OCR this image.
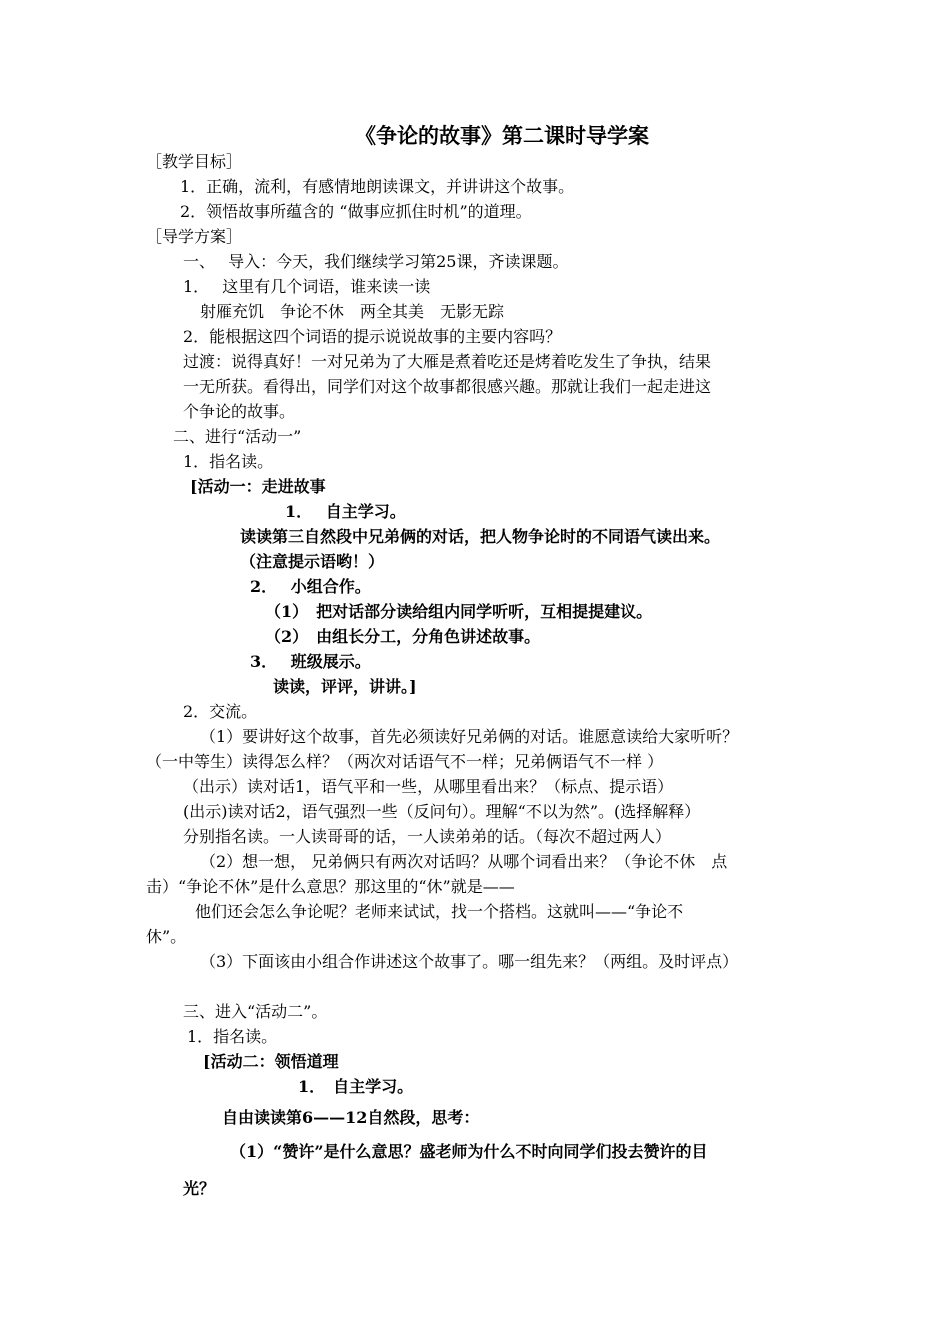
《争论的故事》第二课时导学案
［教学目标］
1．正确，流利，有感情地朗读课文，并讲讲这个故事。
2．领悟故事所蕴含的 “做事应抓住时机”的道理。
［导学方案］
一、　 导入：今天，我们继续学习第25课，齐读课题。
1．　 这里有几个词语，谁来读一读
射雁充饥　争论不休　两全其美　无影无踪
2．能根据这四个词语的提示说说故事的主要内容吗？
过渡：说得真好！一对兄弟为了大雁是煮着吃还是烤着吃发生了争执，结果
一无所获。看得出，同学们对这个故事都很感兴趣。那就让我们一起走进这
个争论的故事。
二、进行“活动一”
1．指名读。
[活动一：走进故事
1．　 自主学习。
读读第三自然段中兄弟俩的对话，把人物争论时的不同语气读出来。
（注意提示语哟！）
2．　 小组合作。
（1）　把对话部分读给组内同学听听，互相提提建议。
（2）　由组长分工，分角色讲述故事。
3．　 班级展示。
读读，评评，讲讲。]
2．交流。
（1）要讲好这个故事，首先必须读好兄弟俩的对话。谁愿意读给大家听听？
（一中等生）读得怎么样？（两次对话语气不一样；兄弟俩语气不一样 ）
（出示）读对话1，语气平和一些，从哪里看出来？（标点、提示语）
(出示)读对话2，语气强烈一些（反问句）。理解“不以为然”。(选择解释）
分别指名读。一人读哥哥的话，一人读弟弟的话。（每次不超过两人）
（2）想一想， 兄弟俩只有两次对话吗？从哪个词看出来？（争论不休　点
击）“争论不休”是什么意思？那这里的“休”就是——
他们还会怎么争论呢？老师来试试，找一个搭档。这就叫——“争论不
休”。
（3）下面该由小组合作讲述这个故事了。哪一组先来？（两组。及时评点）
三、进入“活动二”。
1．指名读。
[活动二：领悟道理
1．　自主学习。
自由读读第6——12自然段，思考：
（1）“赞许”是什么意思？盛老师为什么不时向同学们投去赞许的目
光？
